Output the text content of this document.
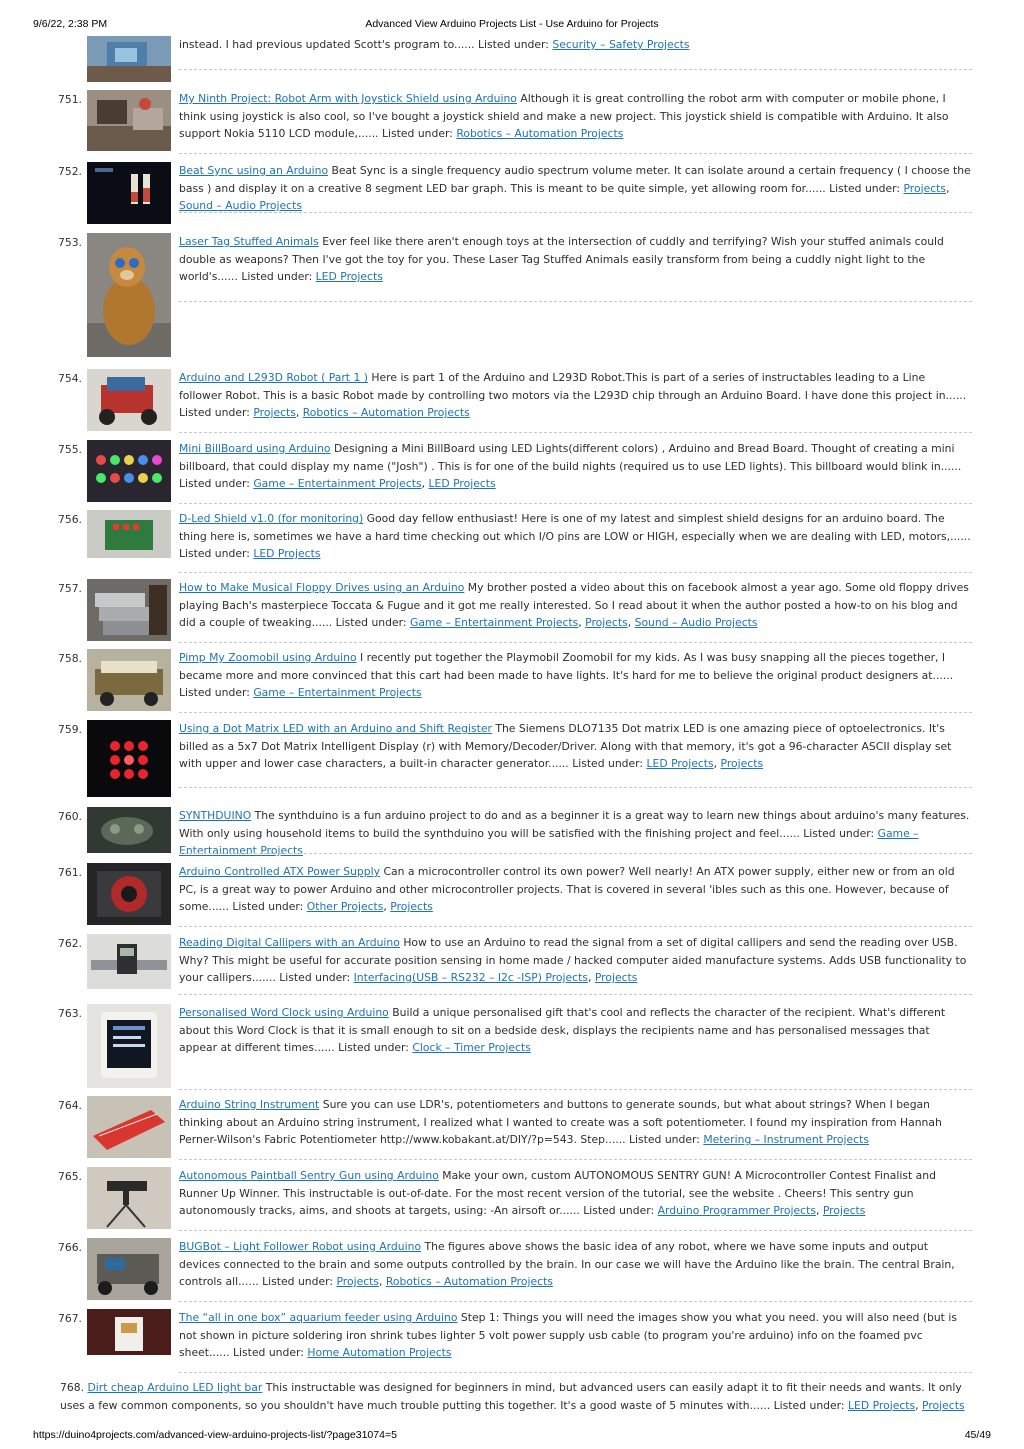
9/6/22, 2:38 PM	Advanced View Arduino Projects List - Use Arduino for Projects
instead. I had previous updated Scott's program to...... Listed under: Security – Safety Projects
751.	My Ninth Project: Robot Arm with Joystick Shield using Arduino Although it is great controlling the robot arm with computer or mobile phone, I think using joystick is also cool, so I've bought a joystick shield and make a new project. This joystick shield is compatible with Arduino. It also support Nokia 5110 LCD module,...... Listed under: Robotics – Automation Projects
752.	Beat Sync using an Arduino Beat Sync is a single frequency audio spectrum volume meter. It can isolate around a certain frequency ( I choose the bass ) and display it on a creative 8 segment LED bar graph. This is meant to be quite simple, yet allowing room for...... Listed under: Projects, Sound – Audio Projects
753.	Laser Tag Stuffed Animals Ever feel like there aren't enough toys at the intersection of cuddly and terrifying? Wish your stuffed animals could double as weapons? Then I've got the toy for you. These Laser Tag Stuffed Animals easily transform from being a cuddly night light to the world's...... Listed under: LED Projects
754.	Arduino and L293D Robot ( Part 1 ) Here is part 1 of the Arduino and L293D Robot.This is part of a series of instructables leading to a Line follower Robot. This is a basic Robot made by controlling two motors via the L293D chip through an Arduino Board. I have done this project in...... Listed under: Projects, Robotics – Automation Projects
755.	Mini BillBoard using Arduino Designing a Mini BillBoard using LED Lights(different colors) , Arduino and Bread Board. Thought of creating a mini billboard, that could display my name ("Josh") . This is for one of the build nights (required us to use LED lights). This billboard would blink in...... Listed under: Game – Entertainment Projects, LED Projects
756.	D-Led Shield v1.0 (for monitoring) Good day fellow enthusiast! Here is one of my latest and simplest shield designs for an arduino board. The thing here is, sometimes we have a hard time checking out which I/O pins are LOW or HIGH, especially when we are dealing with LED, motors,...... Listed under: LED Projects
757.	How to Make Musical Floppy Drives using an Arduino My brother posted a video about this on facebook almost a year ago. Some old floppy drives playing Bach's masterpiece Toccata & Fugue and it got me really interested. So I read about it when the author posted a how-to on his blog and did a couple of tweaking...... Listed under: Game – Entertainment Projects, Projects, Sound – Audio Projects
758.	Pimp My Zoomobil using Arduino I recently put together the Playmobil Zoomobil for my kids. As I was busy snapping all the pieces together, I became more and more convinced that this cart had been made to have lights. It's hard for me to believe the original product designers at...... Listed under: Game – Entertainment Projects
759.	Using a Dot Matrix LED with an Arduino and Shift Register The Siemens DLO7135 Dot matrix LED is one amazing piece of optoelectronics. It's billed as a 5x7 Dot Matrix Intelligent Display (r) with Memory/Decoder/Driver. Along with that memory, it's got a 96-character ASCII display set with upper and lower case characters, a built-in character generator...... Listed under: LED Projects, Projects
760.	SYNTHDUINO The synthduino is a fun arduino project to do and as a beginner it is a great way to learn new things about arduino's many features. With only using household items to build the synthduino you will be satisfied with the finishing project and feel...... Listed under: Game – Entertainment Projects
761.	Arduino Controlled ATX Power Supply Can a microcontroller control its own power? Well nearly! An ATX power supply, either new or from an old PC, is a great way to power Arduino and other microcontroller projects. That is covered in several 'ibles such as this one. However, because of some...... Listed under: Other Projects, Projects
762.	Reading Digital Callipers with an Arduino How to use an Arduino to read the signal from a set of digital callipers and send the reading over USB. Why? This might be useful for accurate position sensing in home made / hacked computer aided manufacture systems. Adds USB functionality to your callipers....... Listed under: Interfacing(USB – RS232 – I2c -ISP) Projects, Projects
763.	Personalised Word Clock using Arduino Build a unique personalised gift that's cool and reflects the character of the recipient. What's different about this Word Clock is that it is small enough to sit on a bedside desk, displays the recipients name and has personalised messages that appear at different times...... Listed under: Clock – Timer Projects
764.	Arduino String Instrument Sure you can use LDR's, potentiometers and buttons to generate sounds, but what about strings? When I began thinking about an Arduino string instrument, I realized what I wanted to create was a soft potentiometer. I found my inspiration from Hannah Perner-Wilson's Fabric Potentiometer http://www.kobakant.at/DIY/?p=543. Step...... Listed under: Metering – Instrument Projects
765.	Autonomous Paintball Sentry Gun using Arduino Make your own, custom AUTONOMOUS SENTRY GUN! A Microcontroller Contest Finalist and Runner Up Winner. This instructable is out-of-date. For the most recent version of the tutorial, see the website . Cheers! This sentry gun autonomously tracks, aims, and shoots at targets, using: -An airsoft or...... Listed under: Arduino Programmer Projects, Projects
766.	BUGBot – Light Follower Robot using Arduino The figures above shows the basic idea of any robot, where we have some inputs and output devices connected to the brain and some outputs controlled by the brain. In our case we will have the Arduino like the brain. The central Brain, controls all...... Listed under: Projects, Robotics – Automation Projects
767.	The “all in one box” aquarium feeder using Arduino Step 1: Things you will need the images show you what you need. you will also need (but is not shown in picture soldering iron shrink tubes lighter 5 volt power supply usb cable (to program you're arduino) info on the foamed pvc sheet...... Listed under: Home Automation Projects
768. Dirt cheap Arduino LED light bar This instructable was designed for beginners in mind, but advanced users can easily adapt it to fit their needs and wants. It only uses a few common components, so you shouldn't have much trouble putting this together. It's a good waste of 5 minutes with...... Listed under: LED Projects, Projects
https://duino4projects.com/advanced-view-arduino-projects-list/?page31074=5	45/49
